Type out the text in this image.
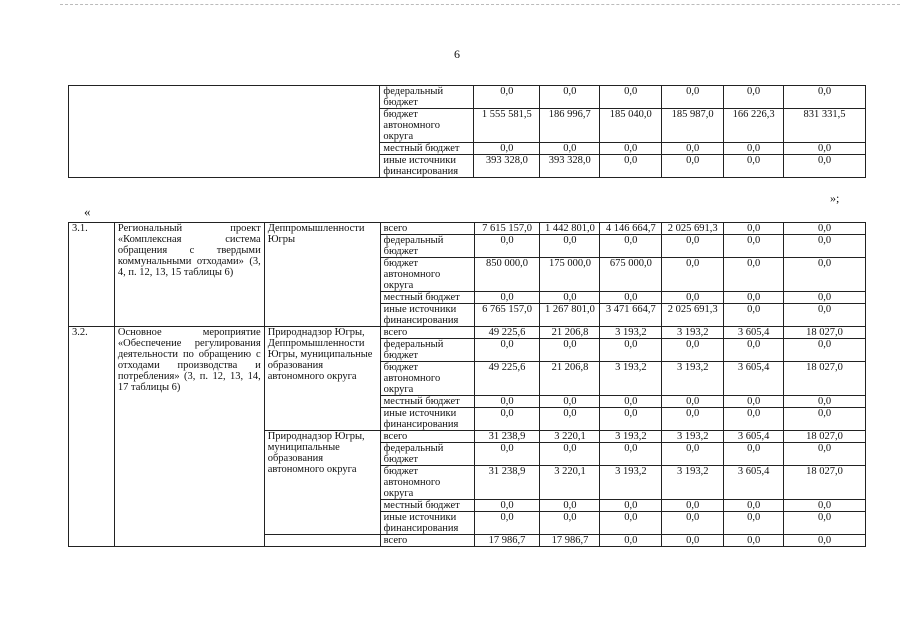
6
	федеральный бюджет	0,0	0,0	0,0	0,0	0,0	0,0
	бюджет автономного округа	1 555 581,5	186 996,7	185 040,0	185 987,0	166 226,3	831 331,5
	местный бюджет	0,0	0,0	0,0	0,0	0,0	0,0
	иные источники финансирования	393 328,0	393 328,0	0,0	0,0	0,0	0,0
»;
«
3.1.	Региональный проект «Комплексная система обращения с твердыми коммунальными отходами» (3, 4, п. 12, 13, 15 таблицы 6)	Деппромышленности Югры	всего	7 615 157,0	1 442 801,0	4 146 664,7	2 025 691,3	0,0	0,0
			федеральный бюджет	0,0	0,0	0,0	0,0	0,0	0,0
			бюджет автономного округа	850 000,0	175 000,0	675 000,0	0,0	0,0	0,0
			местный бюджет	0,0	0,0	0,0	0,0	0,0	0,0
			иные источники финансирования	6 765 157,0	1 267 801,0	3 471 664,7	2 025 691,3	0,0	0,0
3.2.	Основное мероприятие «Обеспечение регулирования деятельности по обращению с отходами производства и потребления» (3, п. 12, 13, 14, 17 таблицы 6)	Природнадзор Югры, Деппромышленности Югры, муниципальные образования автономного округа	всего	49 225,6	21 206,8	3 193,2	3 193,2	3 605,4	18 027,0
			федеральный бюджет	0,0	0,0	0,0	0,0	0,0	0,0
			бюджет автономного округа	49 225,6	21 206,8	3 193,2	3 193,2	3 605,4	18 027,0
			местный бюджет	0,0	0,0	0,0	0,0	0,0	0,0
			иные источники финансирования	0,0	0,0	0,0	0,0	0,0	0,0
		Природнадзор Югры, муниципальные образования автономного округа	всего	31 238,9	3 220,1	3 193,2	3 193,2	3 605,4	18 027,0
			федеральный бюджет	0,0	0,0	0,0	0,0	0,0	0,0
			бюджет автономного округа	31 238,9	3 220,1	3 193,2	3 193,2	3 605,4	18 027,0
			местный бюджет	0,0	0,0	0,0	0,0	0,0	0,0
			иные источники финансирования	0,0	0,0	0,0	0,0	0,0	0,0
			всего	17 986,7	17 986,7	0,0	0,0	0,0	0,0
